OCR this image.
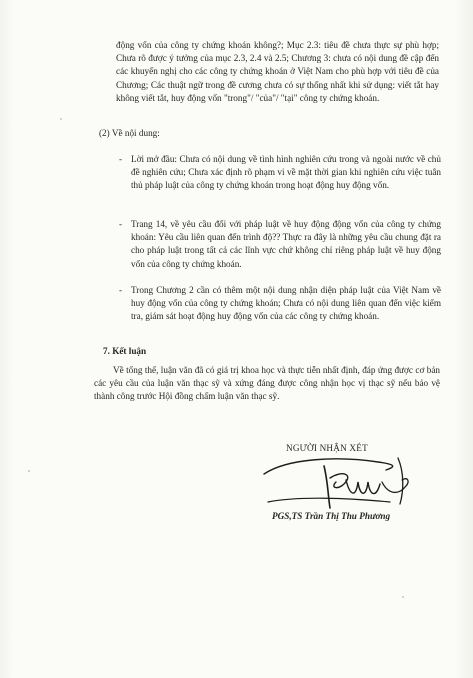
động vốn của công ty chứng khoán không?; Mục 2.3: tiêu đề chưa thực sự phù hợp; Chưa rõ được ý tưởng của mục 2.3, 2.4 và 2.5; Chương 3: chưa có nội dung đề cập đến các khuyến nghị cho các công ty chứng khoán ở Việt Nam cho phù hợp với tiêu đề của Chương; Các thuật ngữ trong đề cương chưa có sự thống nhất khi sử dụng: viết tắt hay không viết tắt, huy động vốn "trong"/ "của"/ "tại" công ty chứng khoán.

(2) Về nội dung:

- Lời mở đầu: Chưa có nội dung về tình hình nghiên cứu trong và ngoài nước về chủ đề nghiên cứu; Chưa xác định rõ phạm vi về mặt thời gian khi nghiên cứu việc tuân thủ pháp luật của công ty chứng khoán trong hoạt động huy động vốn.

- Trang 14, về yêu cầu đối với pháp luật về huy động động vốn của công ty chứng khoán: Yêu cầu liên quan đến trình độ?? Thực ra đây là những yêu cầu chung đặt ra cho pháp luật trong tất cả các lĩnh vực chứ không chỉ riêng pháp luật về huy động vốn của công ty chứng khoán.

- Trong Chương 2 cần có thêm một nội dung nhận diện pháp luật của Việt Nam về huy động vốn của công ty chứng khoán; Chưa có nội dung liên quan đến việc kiểm tra, giám sát hoạt động huy động vốn của các công ty chứng khoán.

7. Kết luận

Về tổng thể, luận văn đã có giá trị khoa học và thực tiễn nhất định, đáp ứng được cơ bản các yêu cầu của luận văn thạc sỹ và xứng đáng được công nhận học vị thạc sỹ nếu bảo vệ thành công trước Hội đồng chấm luận văn thạc sỹ.

NGƯỜI NHẬN XÉT
PGS,TS Trần Thị Thu Phương
